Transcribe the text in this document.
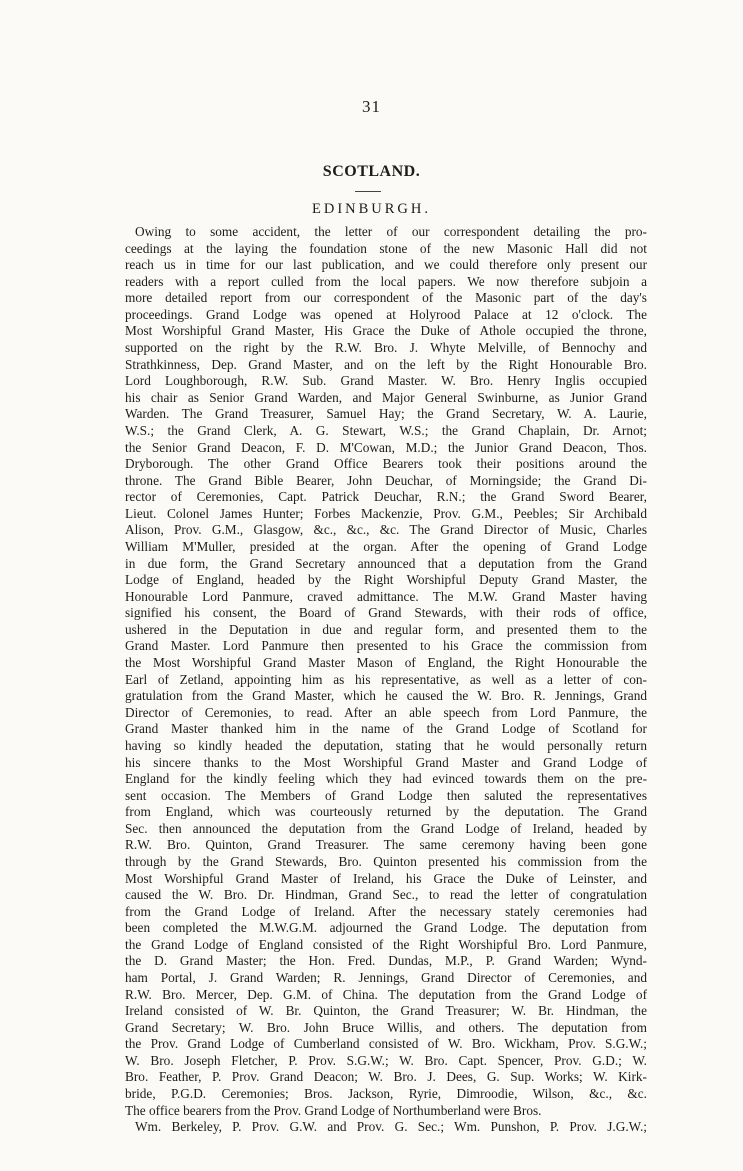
31
SCOTLAND.
EDINBURGH.
Owing to some accident, the letter of our correspondent detailing the pro-
ceedings at the laying the foundation stone of the new Masonic Hall did not
reach us in time for our last publication, and we could therefore only present our
readers with a report culled from the local papers. We now therefore subjoin a
more detailed report from our correspondent of the Masonic part of the day's
proceedings. Grand Lodge was opened at Holyrood Palace at 12 o'clock. The
Most Worshipful Grand Master, His Grace the Duke of Athole occupied the throne,
supported on the right by the R.W. Bro. J. Whyte Melville, of Bennochy and
Strathkinness, Dep. Grand Master, and on the left by the Right Honourable Bro.
Lord Loughborough, R.W. Sub. Grand Master. W. Bro. Henry Inglis occupied
his chair as Senior Grand Warden, and Major General Swinburne, as Junior Grand
Warden. The Grand Treasurer, Samuel Hay; the Grand Secretary, W. A. Laurie,
W.S.; the Grand Clerk, A. G. Stewart, W.S.; the Grand Chaplain, Dr. Arnot;
the Senior Grand Deacon, F. D. M'Cowan, M.D.; the Junior Grand Deacon, Thos.
Dryborough. The other Grand Office Bearers took their positions around the
throne. The Grand Bible Bearer, John Deuchar, of Morningside; the Grand Di-
rector of Ceremonies, Capt. Patrick Deuchar, R.N.; the Grand Sword Bearer,
Lieut. Colonel James Hunter; Forbes Mackenzie, Prov. G.M., Peebles; Sir Archibald
Alison, Prov. G.M., Glasgow, &c., &c., &c. The Grand Director of Music, Charles
William M'Muller, presided at the organ. After the opening of Grand Lodge
in due form, the Grand Secretary announced that a deputation from the Grand
Lodge of England, headed by the Right Worshipful Deputy Grand Master, the
Honourable Lord Panmure, craved admittance. The M.W. Grand Master having
signified his consent, the Board of Grand Stewards, with their rods of office,
ushered in the Deputation in due and regular form, and presented them to the
Grand Master. Lord Panmure then presented to his Grace the commission from
the Most Worshipful Grand Master Mason of England, the Right Honourable the
Earl of Zetland, appointing him as his representative, as well as a letter of con-
gratulation from the Grand Master, which he caused the W. Bro. R. Jennings, Grand
Director of Ceremonies, to read. After an able speech from Lord Panmure, the
Grand Master thanked him in the name of the Grand Lodge of Scotland for
having so kindly headed the deputation, stating that he would personally return
his sincere thanks to the Most Worshipful Grand Master and Grand Lodge of
England for the kindly feeling which they had evinced towards them on the pre-
sent occasion. The Members of Grand Lodge then saluted the representatives
from England, which was courteously returned by the deputation. The Grand
Sec. then announced the deputation from the Grand Lodge of Ireland, headed by
R.W. Bro. Quinton, Grand Treasurer. The same ceremony having been gone
through by the Grand Stewards, Bro. Quinton presented his commission from the
Most Worshipful Grand Master of Ireland, his Grace the Duke of Leinster, and
caused the W. Bro. Dr. Hindman, Grand Sec., to read the letter of congratulation
from the Grand Lodge of Ireland. After the necessary stately ceremonies had
been completed the M.W.G.M. adjourned the Grand Lodge. The deputation from
the Grand Lodge of England consisted of the Right Worshipful Bro. Lord Panmure,
the D. Grand Master; the Hon. Fred. Dundas, M.P., P. Grand Warden; Wynd-
ham Portal, J. Grand Warden; R. Jennings, Grand Director of Ceremonies, and
R.W. Bro. Mercer, Dep. G.M. of China. The deputation from the Grand Lodge of
Ireland consisted of W. Br. Quinton, the Grand Treasurer; W. Br. Hindman, the
Grand Secretary; W. Bro. John Bruce Willis, and others. The deputation from
the Prov. Grand Lodge of Cumberland consisted of W. Bro. Wickham, Prov. S.G.W.;
W. Bro. Joseph Fletcher, P. Prov. S.G.W.; W. Bro. Capt. Spencer, Prov. G.D.; W.
Bro. Feather, P. Prov. Grand Deacon; W. Bro. J. Dees, G. Sup. Works; W. Kirk-
bride, P.G.D. Ceremonies; Bros. Jackson, Ryrie, Dimroodie, Wilson, &c., &c.
The office bearers from the Prov. Grand Lodge of Northumberland were Bros.
Wm. Berkeley, P. Prov. G.W. and Prov. G. Sec.; Wm. Punshon, P. Prov. J.G.W.;
